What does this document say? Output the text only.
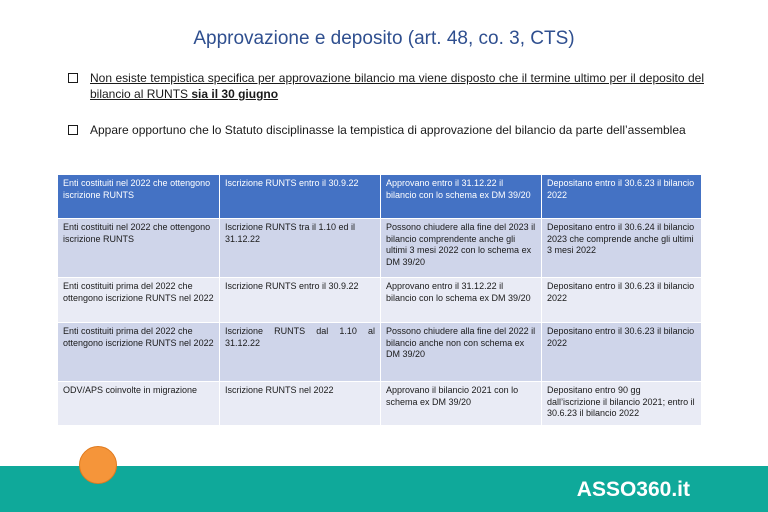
Approvazione e deposito (art. 48, co. 3, CTS)
Non esiste tempistica specifica per approvazione bilancio ma viene disposto che il termine ultimo per il deposito del bilancio al RUNTS sia il 30 giugno
Appare opportuno che lo Statuto disciplinasse la tempistica di approvazione del bilancio da parte dell’assemblea
Enti costituiti nel 2022 che ottengono iscrizione RUNTS	Iscrizione RUNTS entro il 30.9.22	Approvano entro il 31.12.22 il bilancio con lo schema ex DM 39/20	Depositano entro il 30.6.23 il bilancio 2022
Enti costituiti nel 2022 che ottengono iscrizione RUNTS	Iscrizione RUNTS tra il 1.10 ed il 31.12.22	Possono chiudere alla fine del 2023 il bilancio comprendente anche gli ultimi 3 mesi 2022 con lo schema ex DM 39/20	Depositano entro il 30.6.24 il bilancio 2023 che comprende anche gli ultimi 3 mesi 2022
Enti costituiti prima del 2022 che ottengono iscrizione RUNTS nel 2022	Iscrizione RUNTS entro il 30.9.22	Approvano entro il 31.12.22 il bilancio con lo schema ex DM 39/20	Depositano entro il 30.6.23 il bilancio 2022
Enti costituiti prima del 2022 che ottengono iscrizione RUNTS nel 2022	Iscrizione RUNTS dal 1.10 al 31.12.22	Possono chiudere alla fine del 2022 il bilancio anche non con schema ex DM 39/20	Depositano entro il 30.6.23 il bilancio 2022
ODV/APS coinvolte in migrazione	Iscrizione RUNTS nel 2022	Approvano il bilancio 2021 con lo schema ex DM 39/20	Depositano entro 90 gg dall’iscrizione il bilancio 2021; entro il 30.6.23 il bilancio 2022
ASSO360.it
